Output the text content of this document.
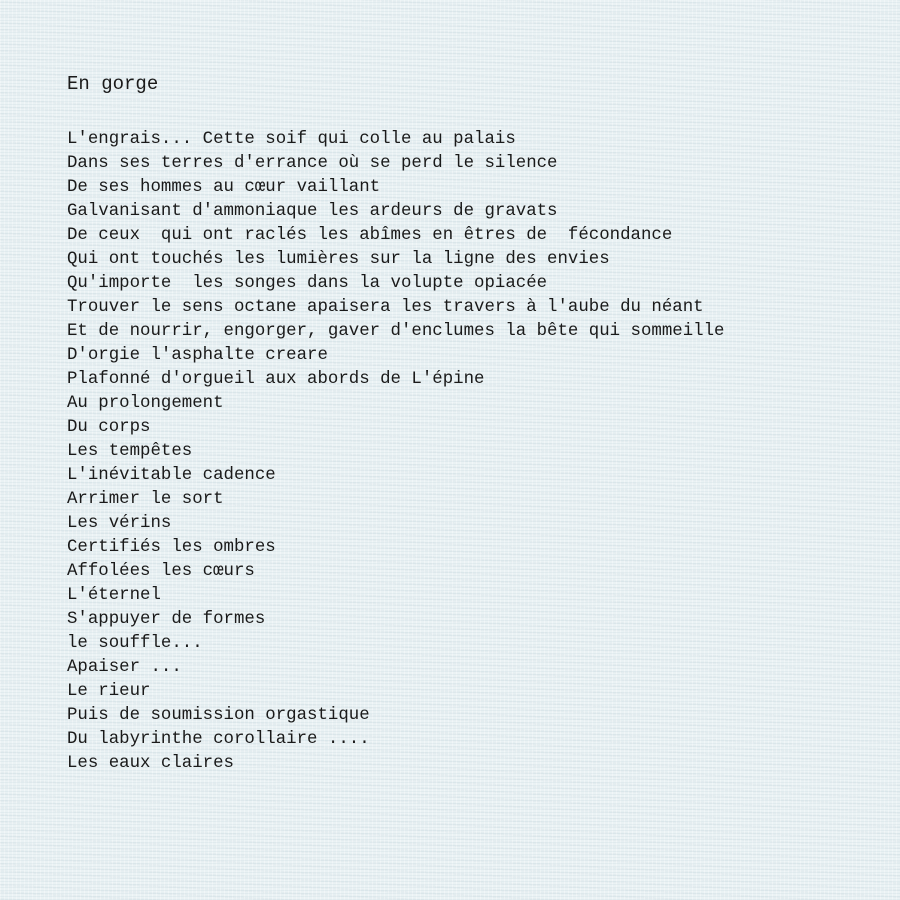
En gorge
L'engrais... Cette soif qui colle au palais
Dans ses terres d'errance où se perd le silence
De ses hommes au cœur vaillant
Galvanisant d'ammoniaque les ardeurs de gravats
De ceux  qui ont raclés les abîmes en êtres de  fécondance
Qui ont touchés les lumières sur la ligne des envies
Qu'importe  les songes dans la volupte opiacée
Trouver le sens octane apaisera les travers à l'aube du néant
Et de nourrir, engorger, gaver d'enclumes la bête qui sommeille
D'orgie l'asphalte creare
Plafonné d'orgueil aux abords de L'épine
Au prolongement
Du corps
Les tempêtes
L'inévitable cadence
Arrimer le sort
Les vérins
Certifiés les ombres
Affolées les cœurs
L'éternel
S'appuyer de formes
le souffle...
Apaiser ...
Le rieur
Puis de soumission orgastique
Du labyrinthe corollaire ....
Les eaux claires
